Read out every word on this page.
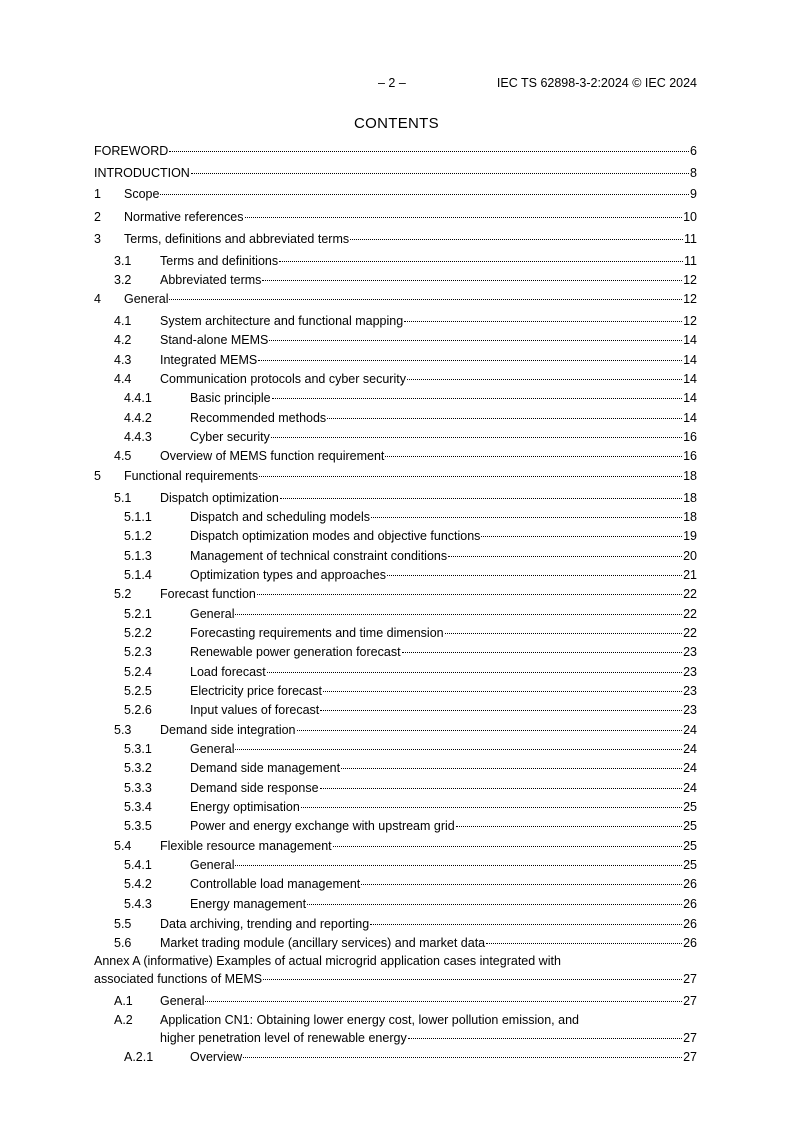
– 2 –	IEC TS 62898-3-2:2024 © IEC 2024
CONTENTS
FOREWORD	6
INTRODUCTION	8
1 Scope	9
2 Normative references	10
3 Terms, definitions and abbreviated terms	11
3.1 Terms and definitions	11
3.2 Abbreviated terms	12
4 General	12
4.1 System architecture and functional mapping	12
4.2 Stand-alone MEMS	14
4.3 Integrated MEMS	14
4.4 Communication protocols and cyber security	14
4.4.1	Basic principle	14
4.4.2	Recommended methods	14
4.4.3	Cyber security	16
4.5 Overview of MEMS function requirement	16
5 Functional requirements	18
5.1 Dispatch optimization	18
5.1.1	Dispatch and scheduling models	18
5.1.2	Dispatch optimization modes and objective functions	19
5.1.3	Management of technical constraint conditions	20
5.1.4	Optimization types and approaches	21
5.2 Forecast function	22
5.2.1	General	22
5.2.2	Forecasting requirements and time dimension	22
5.2.3	Renewable power generation forecast	23
5.2.4	Load forecast	23
5.2.5	Electricity price forecast	23
5.2.6	Input values of forecast	23
5.3 Demand side integration	24
5.3.1	General	24
5.3.2	Demand side management	24
5.3.3	Demand side response	24
5.3.4	Energy optimisation	25
5.3.5	Power and energy exchange with upstream grid	25
5.4 Flexible resource management	25
5.4.1	General	25
5.4.2	Controllable load management	26
5.4.3	Energy management	26
5.5 Data archiving, trending and reporting	26
5.6 Market trading module (ancillary services) and market data	26
Annex A (informative) Examples of actual microgrid application cases integrated with
associated functions of MEMS	27
A.1 General	27
A.2 Application CN1: Obtaining lower energy cost, lower pollution emission, and
higher penetration level of renewable energy	27
A.2.1	Overview	27
